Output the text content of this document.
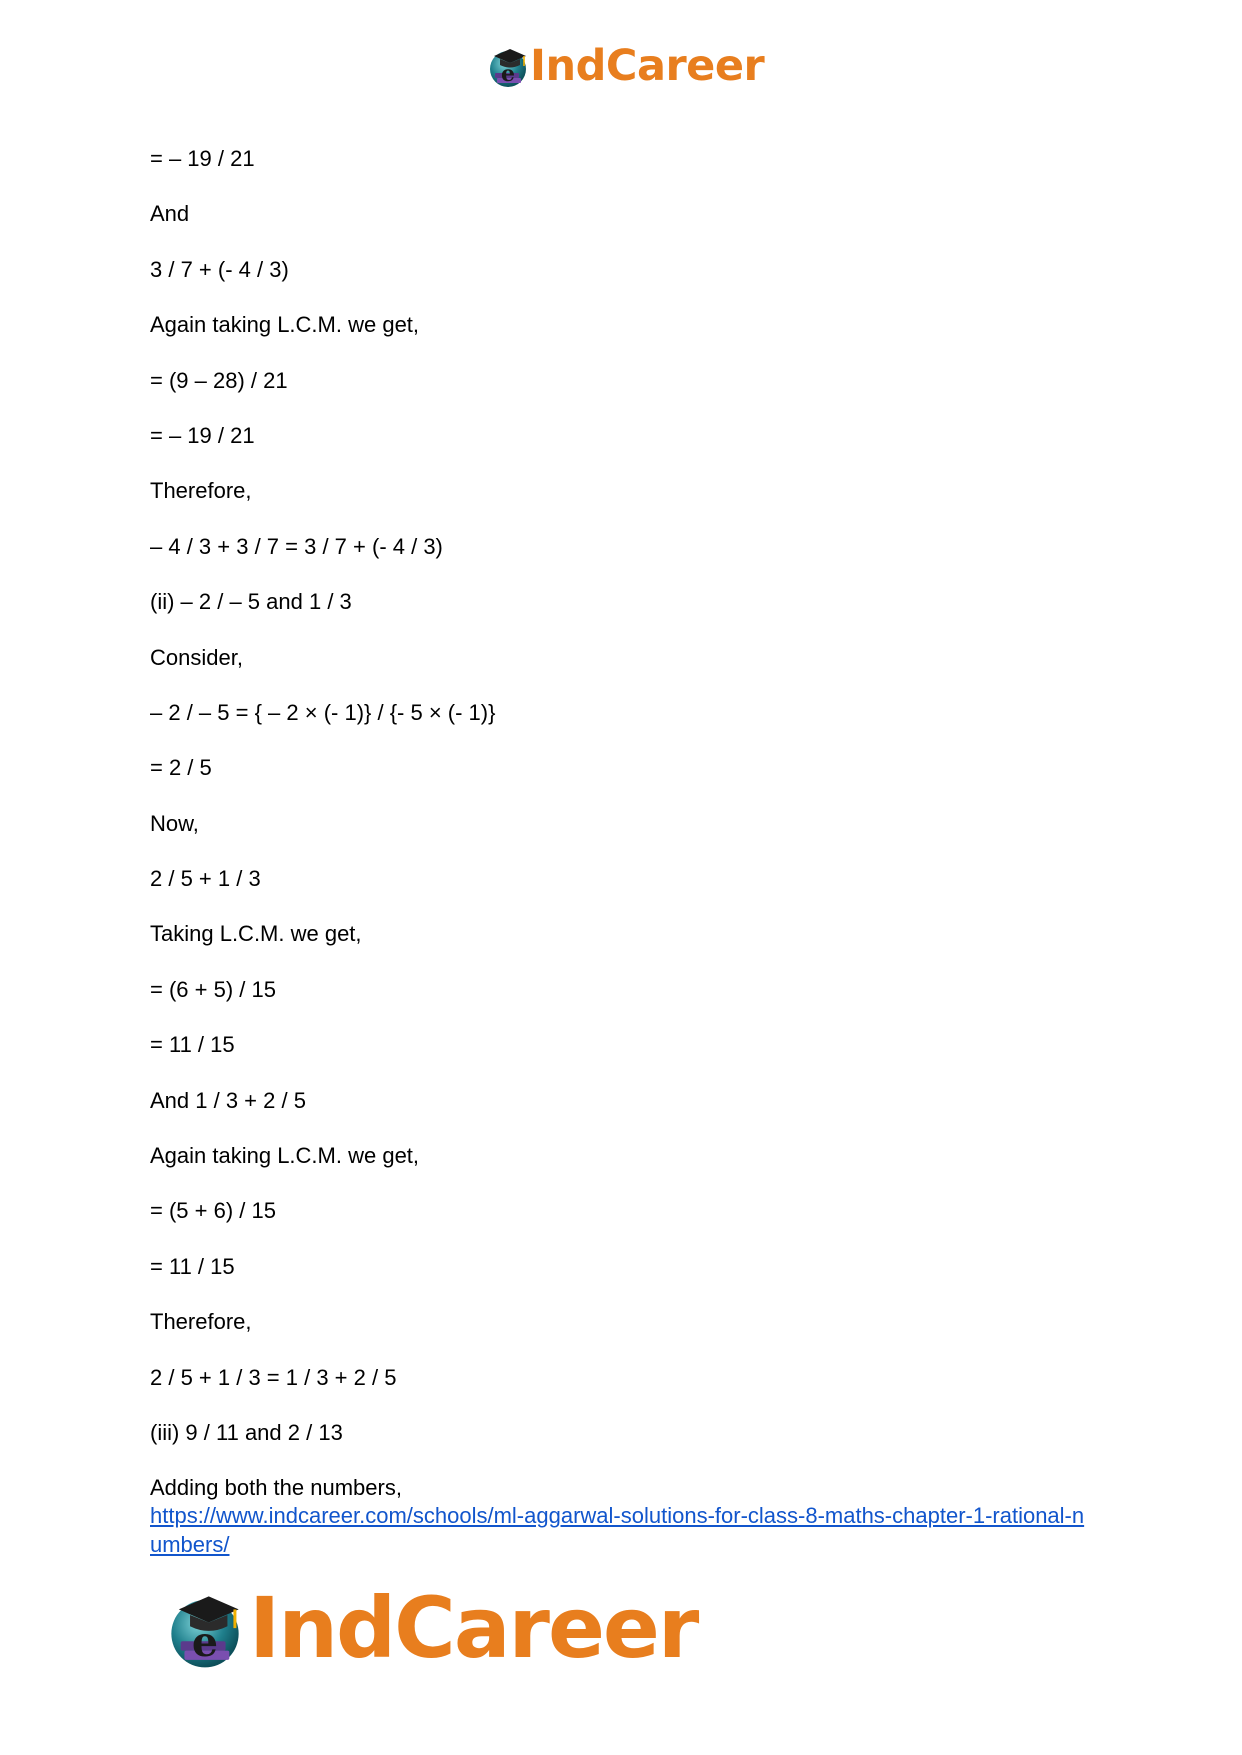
e IndCareer
= – 19 / 21
And
3 / 7 + (- 4 / 3)
Again taking L.C.M. we get,
= (9 – 28) / 21
= – 19 / 21
Therefore,
– 4 / 3 + 3 / 7 = 3 / 7 + (- 4 / 3)
(ii) – 2 / – 5 and 1 / 3
Consider,
– 2 / – 5 = { – 2 × (- 1)} / {- 5 × (- 1)}
= 2 / 5
Now,
2 / 5 + 1 / 3
Taking L.C.M. we get,
= (6 + 5) / 15
= 11 / 15
And 1 / 3 + 2 / 5
Again taking L.C.M. we get,
= (5 + 6) / 15
= 11 / 15
Therefore,
2 / 5 + 1 / 3 = 1 / 3 + 2 / 5
(iii) 9 / 11 and 2 / 13
Adding both the numbers,
https://www.indcareer.com/schools/ml-aggarwal-solutions-for-class-8-maths-chapter-1-rational-numbers/
e IndCareer
